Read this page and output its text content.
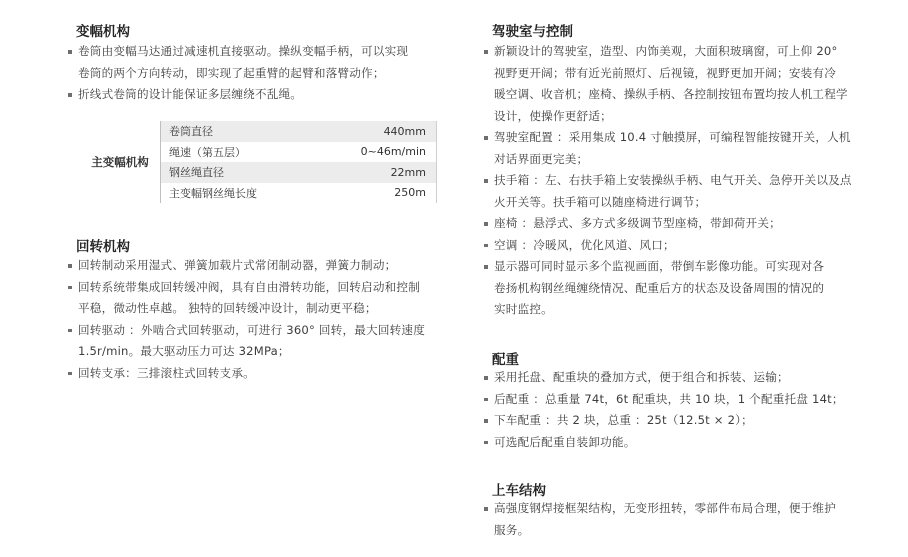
变幅机构
卷筒由变幅马达通过减速机直接驱动。操纵变幅手柄，可以实现
卷筒的两个方向转动，即实现了起重臂的起臂和落臂动作；
折线式卷筒的设计能保证多层缠绕不乱绳。
回转机构
回转制动采用湿式、弹簧加载片式常闭制动器，弹簧力制动；
回转系统带集成回转缓冲阀，具有自由滑转功能，回转启动和控制
平稳，微动性卓越。 独特的回转缓冲设计，制动更平稳；
回转驱动 ：外啮合式回转驱动，可进行 360° 回转，最大回转速度
1.5r/min。最大驱动压力可达 32MPa；
回转支承：三排滚柱式回转支承。
主变幅机构	卷筒直径	440mm
	绳速（第五层）	0~46m/min
	钢丝绳直径	22mm
	主变幅钢丝绳长度	250m
驾驶室与控制
新颖设计的驾驶室，造型、内饰美观，大面积玻璃窗，可上仰 20°
视野更开阔；带有近光前照灯、后视镜，视野更加开阔；安装有冷
暖空调、收音机；座椅、操纵手柄、各控制按钮布置均按人机工程学
设计，使操作更舒适；
驾驶室配置 ：采用集成 10.4 寸触摸屏，可编程智能按键开关，人机
对话界面更完美；
扶手箱 ：左、右扶手箱上安装操纵手柄、电气开关、急停开关以及点
火开关等。扶手箱可以随座椅进行调节；
座椅 ：悬浮式、多方式多级调节型座椅，带卸荷开关；
空调 ：冷暖风，优化风道、风口；
显示器可同时显示多个监视画面，带倒车影像功能。可实现对各
卷扬机构钢丝绳缠绕情况、配重后方的状态及设备周围的情况的
实时监控。
配重
采用托盘、配重块的叠加方式，便于组合和拆装、运输；
后配重 ：总重量 74t，6t 配重块，共 10 块，1 个配重托盘 14t；
下车配重 ：共 2 块，总重 ：25t（12.5t × 2）；
可选配后配重自装卸功能。
上车结构
高强度钢焊接框架结构，无变形扭转，零部件布局合理，便于维护
服务。
